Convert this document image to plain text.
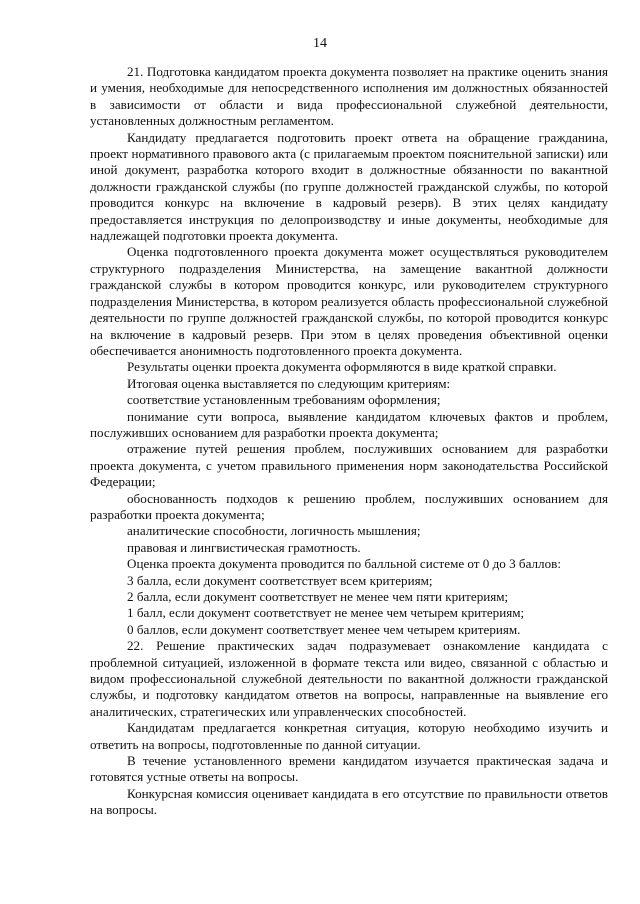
14

21. Подготовка кандидатом проекта документа позволяет на практике оценить знания и умения, необходимые для непосредственного исполнения им должностных обязанностей в зависимости от области и вида профессиональной служебной деятельности, установленных должностным регламентом.

Кандидату предлагается подготовить проект ответа на обращение гражданина, проект нормативного правового акта (с прилагаемым проектом пояснительной записки) или иной документ, разработка которого входит в должностные обязанности по вакантной должности гражданской службы (по группе должностей гражданской службы, по которой проводится конкурс на включение в кадровый резерв). В этих целях кандидату предоставляется инструкция по делопроизводству и иные документы, необходимые для надлежащей подготовки проекта документа.

Оценка подготовленного проекта документа может осуществляться руководителем структурного подразделения Министерства, на замещение вакантной должности гражданской службы в котором проводится конкурс, или руководителем структурного подразделения Министерства, в котором реализуется область профессиональной служебной деятельности по группе должностей гражданской службы, по которой проводится конкурс на включение в кадровый резерв. При этом в целях проведения объективной оценки обеспечивается анонимность подготовленного проекта документа.

Результаты оценки проекта документа оформляются в виде краткой справки.

Итоговая оценка выставляется по следующим критериям:

соответствие установленным требованиям оформления;

понимание сути вопроса, выявление кандидатом ключевых фактов и проблем, послуживших основанием для разработки проекта документа;

отражение путей решения проблем, послуживших основанием для разработки проекта документа, с учетом правильного применения норм законодательства Российской Федерации;

обоснованность подходов к решению проблем, послуживших основанием для разработки проекта документа;

аналитические способности, логичность мышления;

правовая и лингвистическая грамотность.

Оценка проекта документа проводится по балльной системе от 0 до 3 баллов:

3 балла, если документ соответствует всем критериям;

2 балла, если документ соответствует не менее чем пяти критериям;

1 балл, если документ соответствует не менее чем четырем критериям;

0 баллов, если документ соответствует менее чем четырем критериям.

22. Решение практических задач подразумевает ознакомление кандидата с проблемной ситуацией, изложенной в формате текста или видео, связанной с областью и видом профессиональной служебной деятельности по вакантной должности гражданской службы, и подготовку кандидатом ответов на вопросы, направленные на выявление его аналитических, стратегических или управленческих способностей.

Кандидатам предлагается конкретная ситуация, которую необходимо изучить и ответить на вопросы, подготовленные по данной ситуации.

В течение установленного времени кандидатом изучается практическая задача и готовятся устные ответы на вопросы.

Конкурсная комиссия оценивает кандидата в его отсутствие по правильности ответов на вопросы.
